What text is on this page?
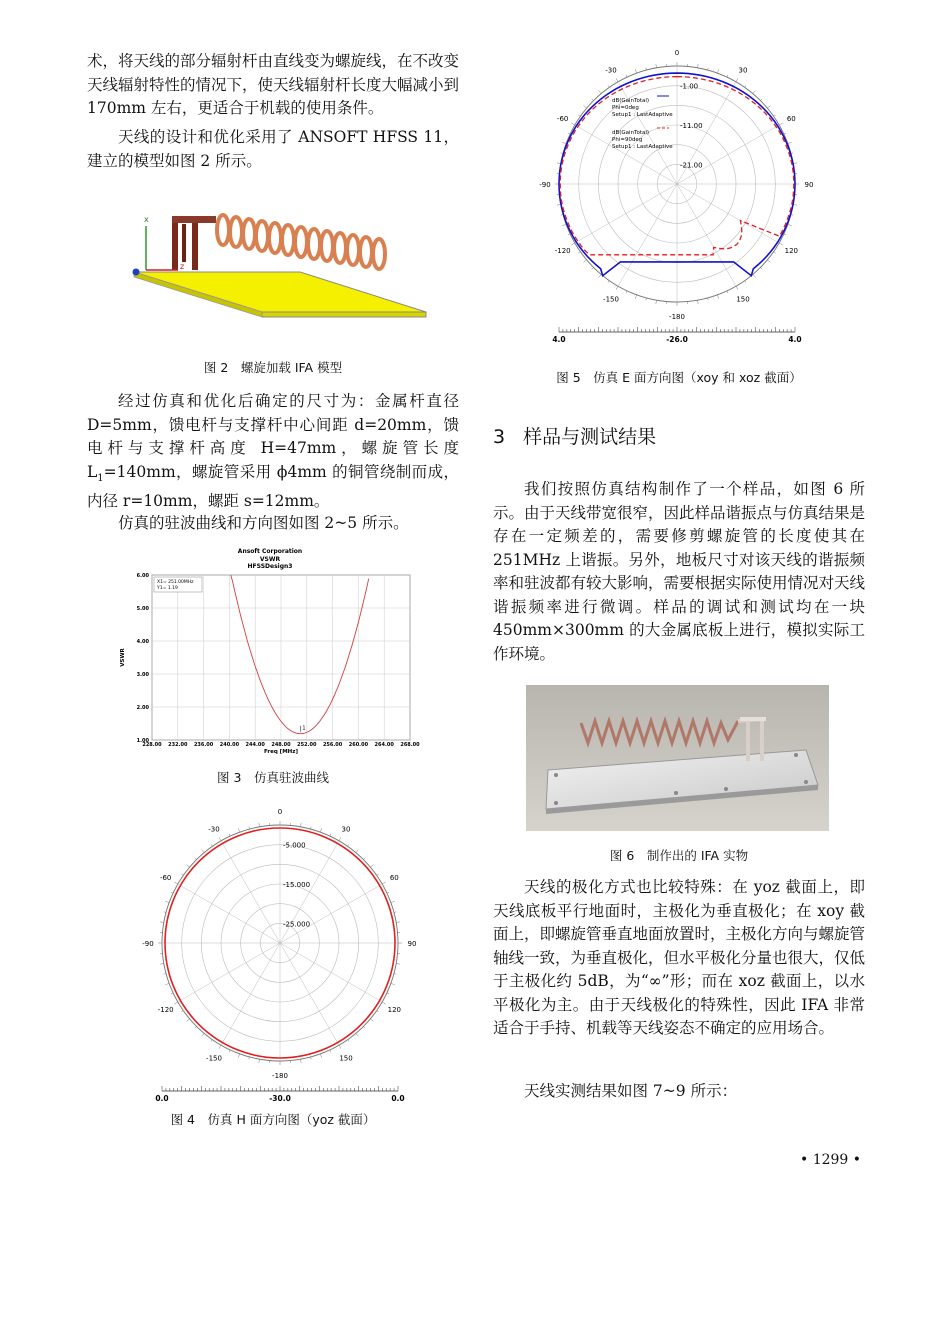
术，将天线的部分辐射杆由直线变为螺旋线，在不改变天线辐射特性的情况下，使天线辐射杆长度大幅减小到 170mm 左右，更适合于机载的使用条件。

天线的设计和优化采用了 ANSOFT HFSS 11，建立的模型如图 2 所示。

x
z
图 2　螺旋加载 IFA 模型

经过仿真和优化后确定的尺寸为：金属杆直径 D=5mm，馈电杆与支撑杆中心间距 d=20mm，馈电杆与支撑杆高度 H=47mm，螺旋管长度 $L_1=140mm$，螺旋管采用 ϕ4mm 的铜管绕制而成，内径 r=10mm，螺距 s=12mm。

仿真的驻波曲线和方向图如图 2~5 所示。

Ansoft Corporation
VSWR
HFSSDesign3
228.00 232.00 236.00 240.00 244.00 248.00 252.00 256.00 260.00 264.00 268.00
1.00
2.00
3.00
4.00
5.00
6.00
Freq [MHz]
VSWR
1
X1= 251.00MHz
Y1= 1.19
图 3　仿真驻波曲线
0
30
60
90
120
150
-180
-150
-120
-90
-60
-30
-5.000
-15.000
-25.000
0.0	-30.0	0.0
图 4　仿真 H 面方向图（yoz 截面）
0
30
60
90
120
150
-180
-150
-120
-90
-60
-30
-1.00
-11.00
-21.00
dB(GainTotal)
Phi=0deg
Setup1 : LastAdaptive
dB(GainTotal)
Phi=90deg
Setup1 : LastAdaptive
4.0	-26.0	4.0
图 5　仿真 E 面方向图（xoy 和 xoz 截面）
3 样品与测试结果

我们按照仿真结构制作了一个样品，如图 6 所示。由于天线带宽很窄，因此样品谐振点与仿真结果是存在一定频差的，需要修剪螺旋管的长度使其在 251MHz 上谐振。另外，地板尺寸对该天线的谐振频率和驻波都有较大影响，需要根据实际使用情况对天线谐振频率进行微调。样品的调试和测试均在一块 450mm×300mm 的大金属底板上进行，模拟实际工作环境。

图 6　制作出的 IFA 实物

天线的极化方式也比较特殊：在 yoz 截面上，即天线底板平行地面时，主极化为垂直极化；在 xoy 截面上，即螺旋管垂直地面放置时，主极化方向与螺旋管轴线一致，为垂直极化，但水平极化分量也很大，仅低于主极化约 5dB，为“∞”形；而在 xoz 截面上，以水平极化为主。由于天线极化的特殊性，因此 IFA 非常适合于手持、机载等天线姿态不确定的应用场合。

天线实测结果如图 7~9 所示：

• 1299 •
